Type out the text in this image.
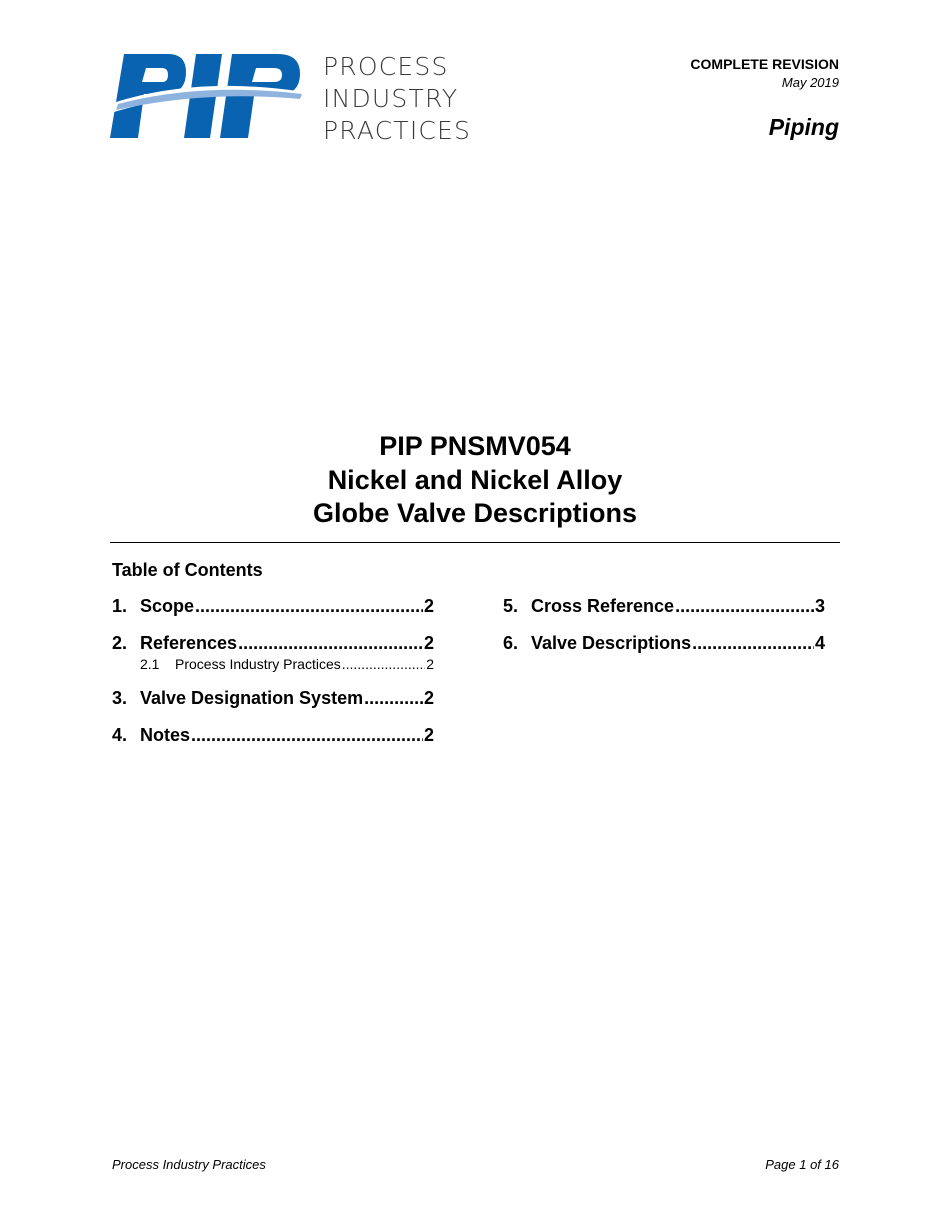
PROCESS
INDUSTRY
PRACTICES
COMPLETE REVISION
May 2019
Piping
PIP PNSMV054
Nickel and Nickel Alloy
Globe Valve Descriptions
Table of Contents
1. Scope .....	2
2. References .....	2
2.1	Process Industry Practices .....	2
3. Valve Designation System .....	2
4. Notes .....	2
5. Cross Reference .....	3
6. Valve Descriptions .....	4
Process Industry Practices	Page 1 of 16
